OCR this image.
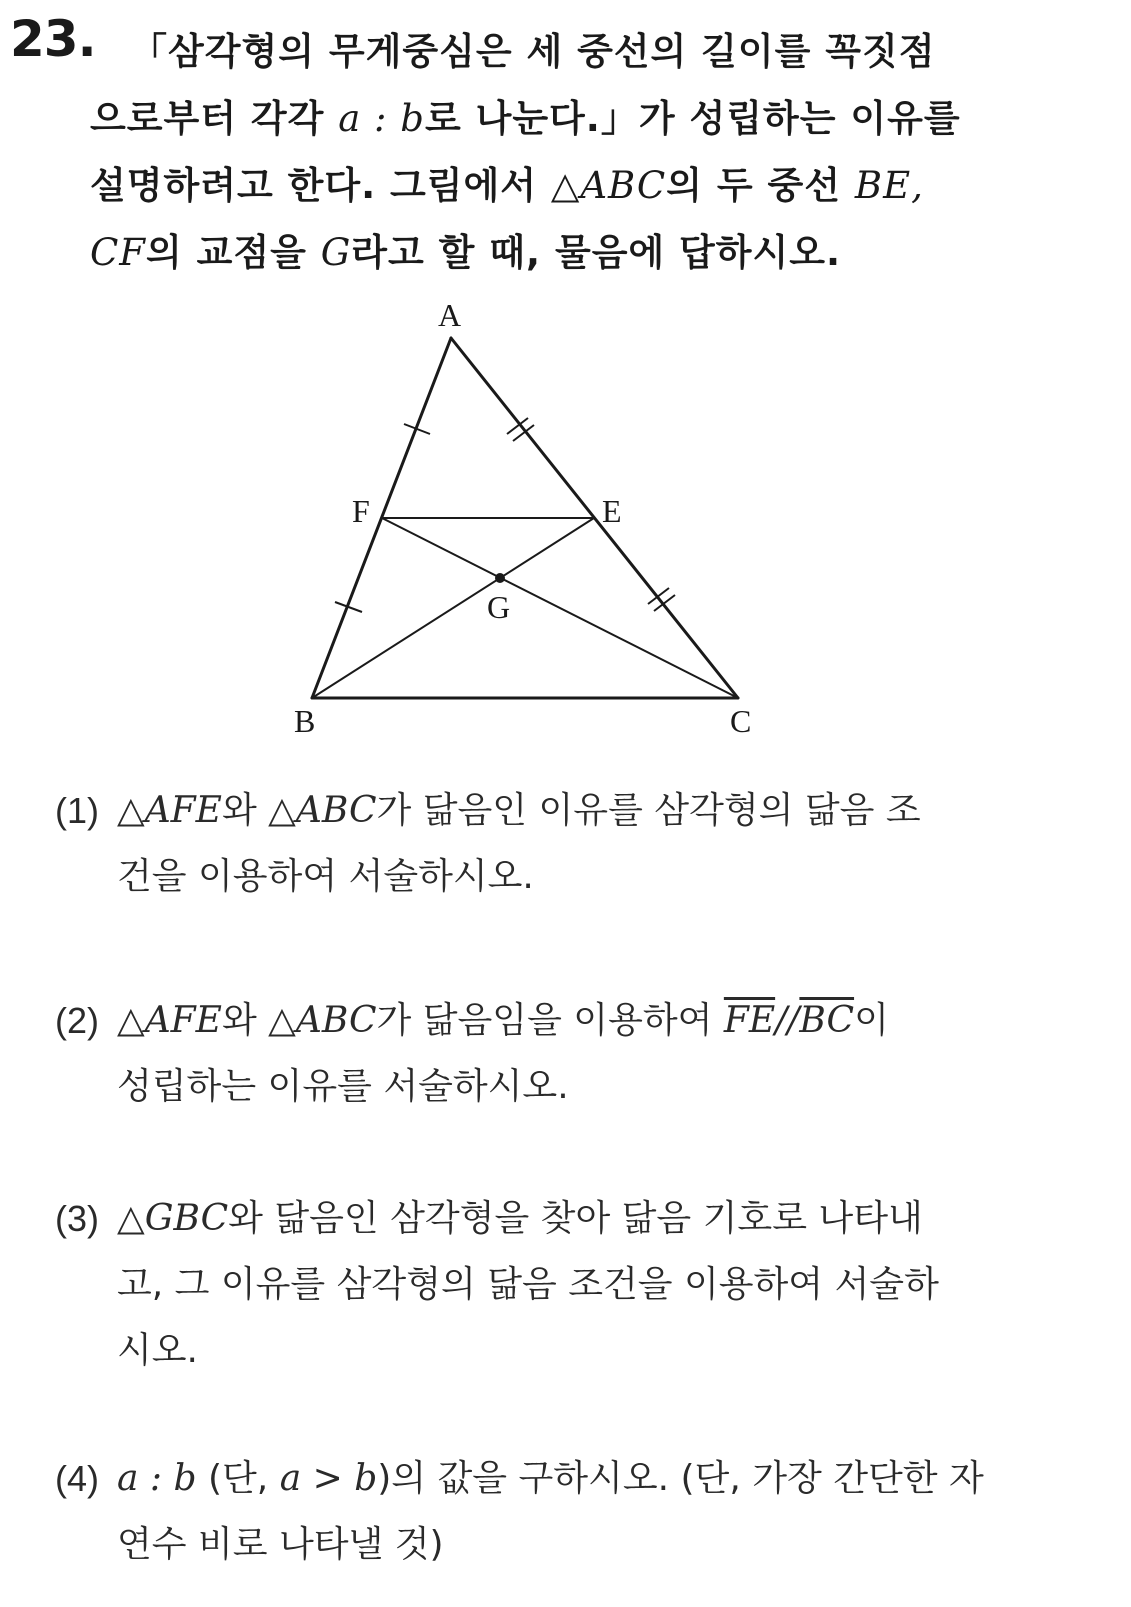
23. 「삼각형의 무게중심은 세 중선의 길이를 꼭짓점
으로부터 각각 a : b로 나눈다.」가 성립하는 이유를
설명하려고 한다. 그림에서 △ABC의 두 중선 BE,
CF의 교점을 G라고 할 때, 물음에 답하시오.
A
F	E
G
B	C
(1) △AFE와 △ABC가 닮음인 이유를 삼각형의 닮음 조
건을 이용하여 서술하시오.
(2) △AFE와 △ABC가 닮음임을 이용하여 $\overline{FE}//\overline{BC}$이
성립하는 이유를 서술하시오.
(3) △GBC와 닮음인 삼각형을 찾아 닮음 기호로 나타내
고, 그 이유를 삼각형의 닮음 조건을 이용하여 서술하
시오.
(4) a : b (단, a > b)의 값을 구하시오. (단, 가장 간단한 자
연수 비로 나타낼 것)
